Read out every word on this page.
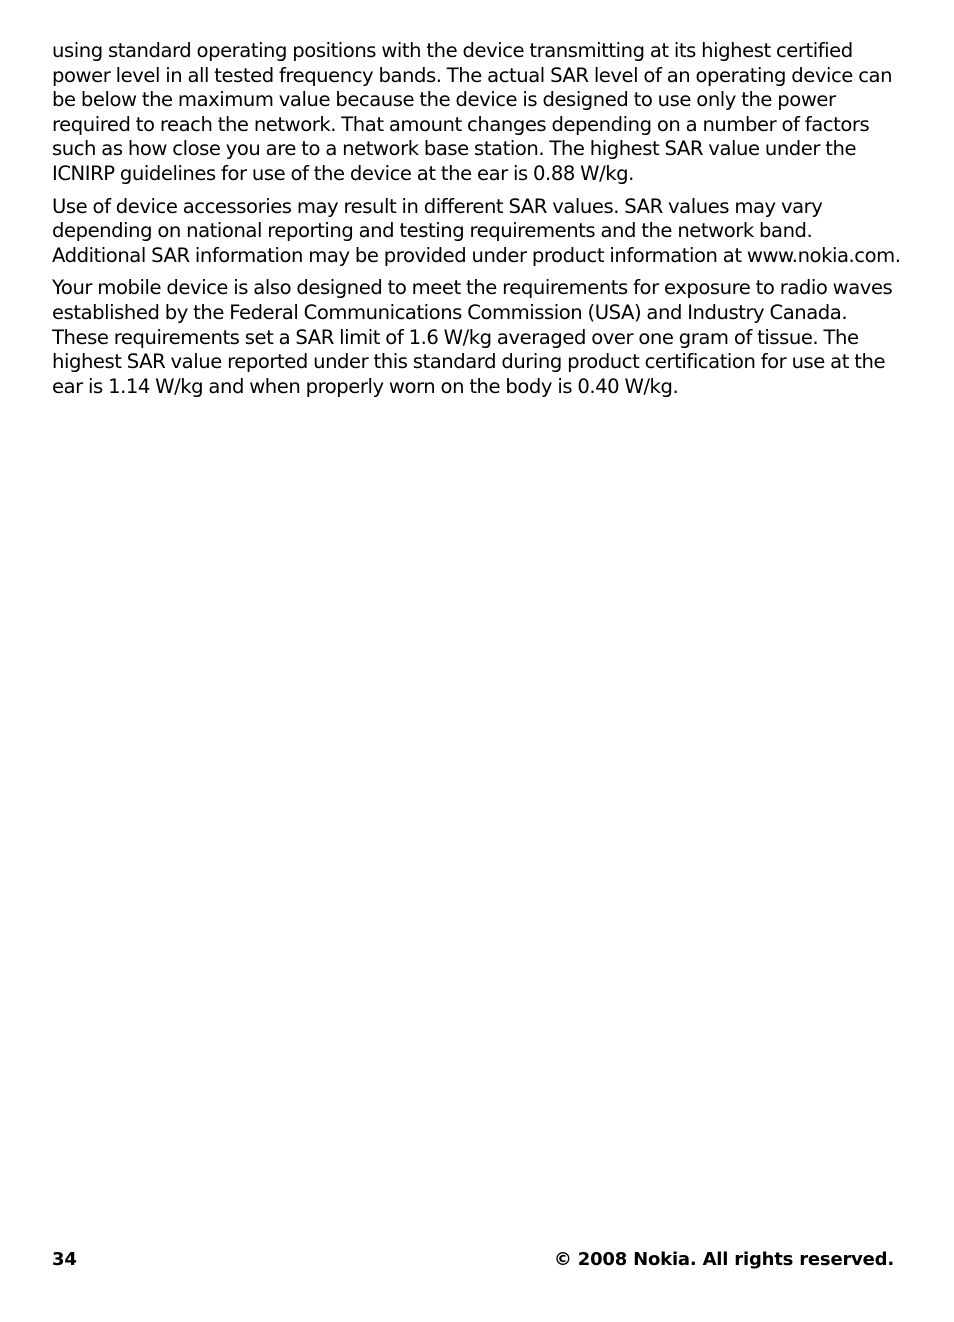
using standard operating positions with the device transmitting at its highest certified power level in all tested frequency bands. The actual SAR level of an operating device can be below the maximum value because the device is designed to use only the power required to reach the network. That amount changes depending on a number of factors such as how close you are to a network base station. The highest SAR value under the ICNIRP guidelines for use of the device at the ear is 0.88 W/kg.

Use of device accessories may result in different SAR values. SAR values may vary depending on national reporting and testing requirements and the network band. Additional SAR information may be provided under product information at www.nokia.com.

Your mobile device is also designed to meet the requirements for exposure to radio waves established by the Federal Communications Commission (USA) and Industry Canada. These requirements set a SAR limit of 1.6 W/kg averaged over one gram of tissue. The highest SAR value reported under this standard during product certification for use at the ear is 1.14 W/kg and when properly worn on the body is 0.40 W/kg.

34	© 2008 Nokia. All rights reserved.
